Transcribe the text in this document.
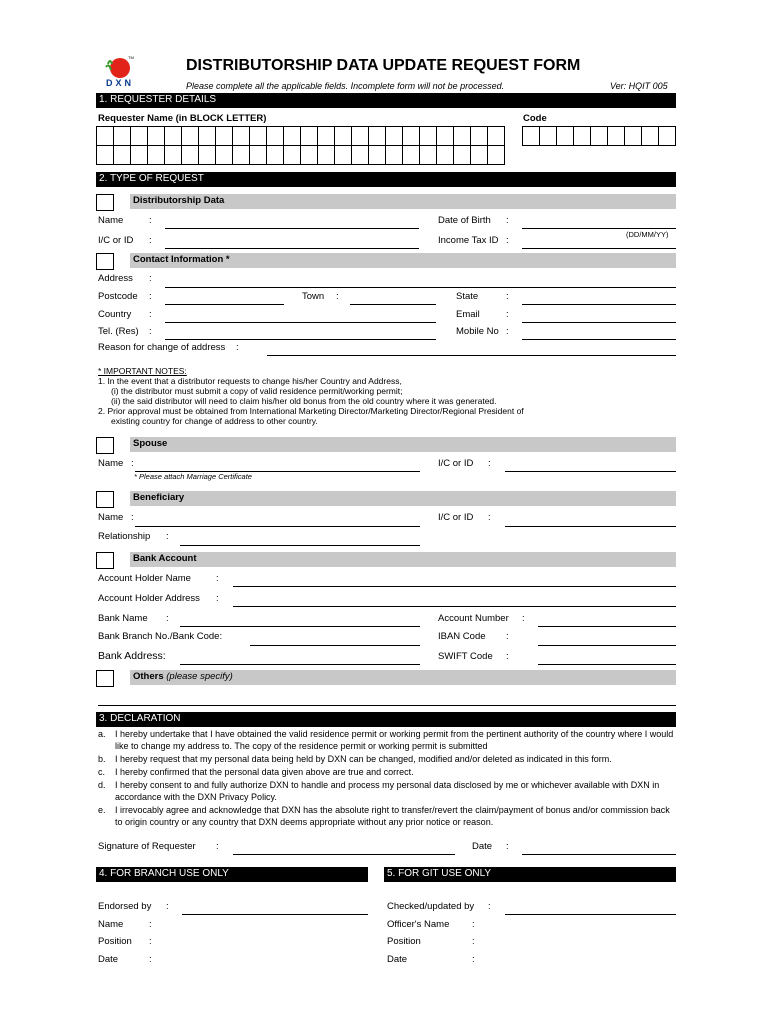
TM
DXN
DISTRIBUTORSHIP DATA UPDATE REQUEST FORM
Please complete all the applicable fields. Incomplete form will not be processed.	Ver: HQIT 005
1. REQUESTER DETAILS
Requester Name (in BLOCK LETTER)	Code
2. TYPE OF REQUEST
Distributorship Data
Name	:	Date of Birth :
I/C or ID :
(DD/MM/YY)
Income Tax ID :
Contact Information *
Address :
Postcode :	Town :	State	:
Country :	Email	:
Tel. (Res) :	Mobile No :
Reason for change of address :
* IMPORTANT NOTES:
1. In the event that a distributor requests to change his/her Country and Address,
(i) the distributor must submit a copy of valid residence permit/working permit;
(ii) the said distributor will need to claim his/her old bonus from the old country where it was generated.
2. Prior approval must be obtained from International Marketing Director/Marketing Director/Regional President of
existing country for change of address to other country.
Spouse
Name :
* Please attach Marriage Certificate
I/C or ID :
Beneficiary
Name :	I/C or ID :
Relationship :
Bank Account
Account Holder Name	:
Account Holder Address :
Bank Name :	Account Number :
Bank Branch No./Bank Code:	IBAN Code :
Bank Address:	SWIFT Code :
Others (please specify)
3. DECLARATION
a. I hereby undertake that I have obtained the valid residence permit or working permit from the pertinent authority of the country where I would like to change my address to. The copy of the residence permit or working permit is submitted
b. I hereby request that my personal data being held by DXN can be changed, modified and/or deleted as indicated in this form.
c. I hereby confirmed that the personal data given above are true and correct.
d. I hereby consent to and fully authorize DXN to handle and process my personal data disclosed by me or whichever available with DXN in accordance with the DXN Privacy Policy.
e. I irrevocably agree and acknowledge that DXN has the absolute right to transfer/revert the claim/payment of bonus and/or commission back to origin country or any country that DXN deems appropriate without any prior notice or reason.
Signature of Requester :	Date :
4. FOR BRANCH USE ONLY	5. FOR GIT USE ONLY
Endorsed by :
Name	:
Position :
Date	:
Checked/updated by :
Officer's Name :
Position	:
Date	:
